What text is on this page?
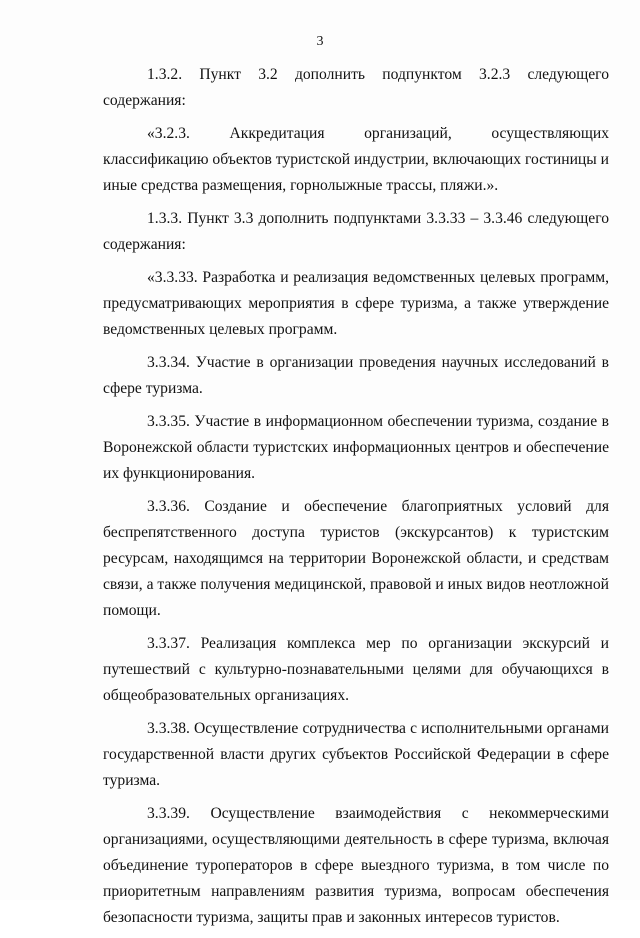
3

1.3.2. Пункт 3.2 дополнить подпунктом 3.2.3 следующего содержания:

«3.2.3. Аккредитация организаций, осуществляющих классификацию объектов туристской индустрии, включающих гостиницы и иные средства размещения, горнолыжные трассы, пляжи.».

1.3.3. Пункт 3.3 дополнить подпунктами 3.3.33 – 3.3.46 следующего содержания:

«3.3.33. Разработка и реализация ведомственных целевых программ, предусматривающих мероприятия в сфере туризма, а также утверждение ведомственных целевых программ.

3.3.34. Участие в организации проведения научных исследований в сфере туризма.

3.3.35. Участие в информационном обеспечении туризма, создание в Воронежской области туристских информационных центров и обеспечение их функционирования.

3.3.36. Создание и обеспечение благоприятных условий для беспрепятственного доступа туристов (экскурсантов) к туристским ресурсам, находящимся на территории Воронежской области, и средствам связи, а также получения медицинской, правовой и иных видов неотложной помощи.

3.3.37. Реализация комплекса мер по организации экскурсий и путешествий с культурно-познавательными целями для обучающихся в общеобразовательных организациях.

3.3.38. Осуществление сотрудничества с исполнительными органами государственной власти других субъектов Российской Федерации в сфере туризма.

3.3.39. Осуществление взаимодействия с некоммерческими организациями, осуществляющими деятельность в сфере туризма, включая объединение туроператоров в сфере выездного туризма, в том числе по приоритетным направлениям развития туризма, вопросам обеспечения безопасности туризма, защиты прав и законных интересов туристов.
